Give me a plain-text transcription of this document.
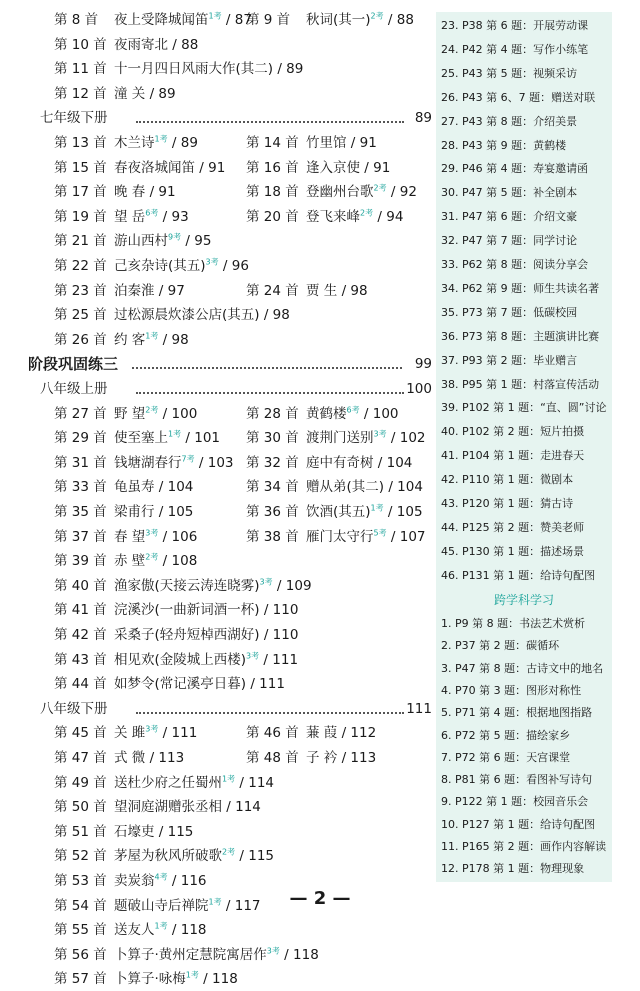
第 8 首 夜上受降城闻笛$^{1考}$ / 87
第 9 首 秋词(其一)$^{2考}$ / 88
第 10 首 夜雨寄北 / 88
第 11 首 十一月四日风雨大作(其二) / 89
第 12 首 潼 关 / 89
七年级下册	89
第 13 首 木兰诗$^{1考}$ / 89	第 14 首 竹里馆 / 91
第 15 首 春夜洛城闻笛 / 91 第 16 首 逢入京使 / 91
第 17 首 晚 春 / 91	第 18 首 登幽州台歌$^{2考}$ / 92
第 19 首 望 岳$^{6考}$ / 93	第 20 首 登飞来峰$^{2考}$ / 94
第 21 首 游山西村$^{9考}$ / 95
第 22 首 己亥杂诗(其五)$^{3考}$ / 96
第 23 首 泊秦淮 / 97	第 24 首 贾 生 / 98
第 25 首 过松源晨炊漆公店(其五) / 98
第 26 首 约 客$^{1考}$ / 98
阶段巩固练三	99
八年级上册	100
第 27 首 野 望$^{2考}$ / 100	第 28 首 黄鹤楼$^{6考}$ / 100
第 29 首 使至塞上$^{1考}$ / 101 第 30 首 渡荆门送别$^{3考}$ / 102
第 31 首 钱塘湖春行$^{7考}$ / 103 第 32 首 庭中有奇树 / 104
第 33 首 龟虽寿 / 104	第 34 首 赠从弟(其二) / 104
第 35 首 梁甫行 / 105	第 36 首 饮酒(其五)$^{1考}$ / 105
第 37 首 春 望$^{3考}$ / 106	第 38 首 雁门太守行$^{5考}$ / 107
第 39 首 赤 壁$^{2考}$ / 108
第 40 首 渔家傲(天接云涛连晓雾)$^{3考}$ / 109
第 41 首 浣溪沙(一曲新词酒一杯) / 110
第 42 首 采桑子(轻舟短棹西湖好) / 110
第 43 首 相见欢(金陵城上西楼)$^{3考}$ / 111
第 44 首 如梦令(常记溪亭日暮) / 111
八年级下册	111
第 45 首 关 雎$^{3考}$ / 111	第 46 首 蒹 葭 / 112
第 47 首 式 微 / 113	第 48 首 子 衿 / 113
第 49 首 送杜少府之任蜀州$^{1考}$ / 114
第 50 首 望洞庭湖赠张丞相 / 114
第 51 首 石壕吏 / 115
第 52 首 茅屋为秋风所破歌$^{2考}$ / 115
第 53 首 卖炭翁$^{4考}$ / 116
第 54 首 题破山寺后禅院$^{1考}$ / 117
第 55 首 送友人$^{1考}$ / 118
第 56 首 卜算子·黄州定慧院寓居作$^{3考}$ / 118
第 57 首 卜算子·咏梅$^{1考}$ / 118
23. P38 第 6 题：开展劳动课
24. P42 第 4 题：写作小练笔
25. P43 第 5 题：视频采访
26. P43 第 6、7 题：赠送对联
27. P43 第 8 题：介绍美景
28. P43 第 9 题：黄鹤楼
29. P46 第 4 题：寿宴邀请函
30. P47 第 5 题：补全剧本
31. P47 第 6 题：介绍文豪
32. P47 第 7 题：同学讨论
33. P62 第 8 题：阅读分享会
34. P62 第 9 题：师生共读名著
35. P73 第 7 题：低碳校园
36. P73 第 8 题：主题演讲比赛
37. P93 第 2 题：毕业赠言
38. P95 第 1 题：村落宣传活动
39. P102 第 1 题：“直、圆”讨论
40. P102 第 2 题：短片拍摄
41. P104 第 1 题：走进春天
42. P110 第 1 题：微剧本
43. P120 第 1 题：猜古诗
44. P125 第 2 题：赞美老师
45. P130 第 1 题：描述场景
46. P131 第 1 题：给诗句配图
跨学科学习
1. P9 第 8 题：书法艺术赏析
2. P37 第 2 题：碳循环
3. P47 第 8 题：古诗文中的地名
4. P70 第 3 题：图形对称性
5. P71 第 4 题：根据地图指路
6. P72 第 5 题：描绘家乡
7. P72 第 6 题：天宫课堂
8. P81 第 6 题：看图补写诗句
9. P122 第 1 题：校园音乐会
10. P127 第 1 题：给诗句配图
11. P165 第 2 题：画作内容解读
12. P178 第 1 题：物理现象
— 2 —
